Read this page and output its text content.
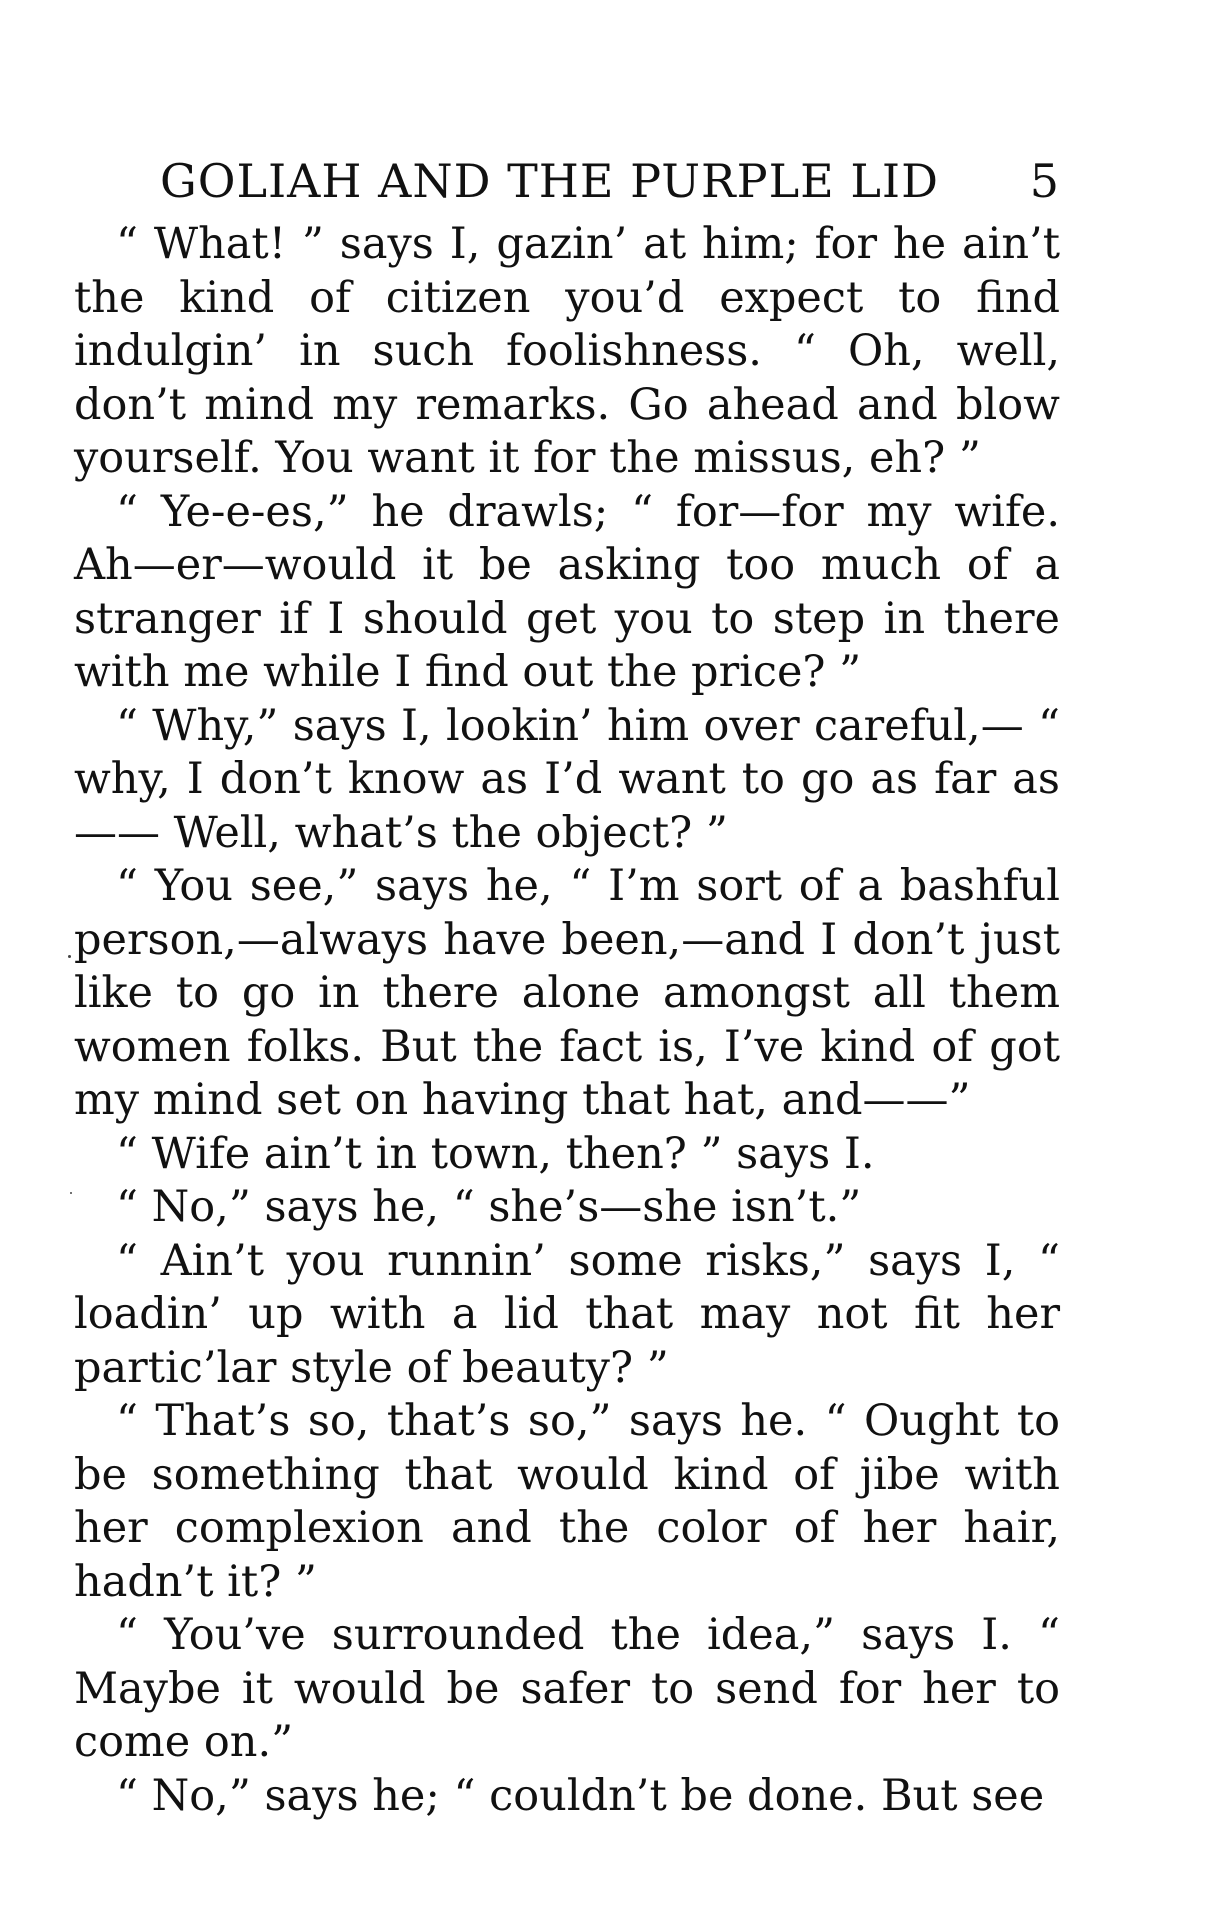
GOLIAH AND THE PURPLE LID 5

“ What! ” says I, gazin’ at him; for he ain’t the kind of citizen you’d expect to find indulgin’ in such foolishness. “ Oh, well, don’t mind my remarks. Go ahead and blow yourself. You want it for the missus, eh? ”

“ Ye-e-es,” he drawls; “ for—for my wife. Ah—er—would it be asking too much of a stranger if I should get you to step in there with me while I find out the price? ”

“ Why,” says I, lookin’ him over careful,— “ why, I don’t know as I’d want to go as far as—— Well, what’s the object? ”

“ You see,” says he, “ I’m sort of a bashful person,—always have been,—and I don’t just like to go in there alone amongst all them women folks. But the fact is, I’ve kind of got my mind set on having that hat, and——”

“ Wife ain’t in town, then? ” says I.

“ No,” says he, “ she’s—she isn’t.”

“ Ain’t you runnin’ some risks,” says I, “ loadin’ up with a lid that may not fit her partic’lar style of beauty? ”

“ That’s so, that’s so,” says he. “ Ought to be something that would kind of jibe with her complexion and the color of her hair, hadn’t it? ”

“ You’ve surrounded the idea,” says I. “ Maybe it would be safer to send for her to come on.”

“ No,” says he; “ couldn’t be done. But see
